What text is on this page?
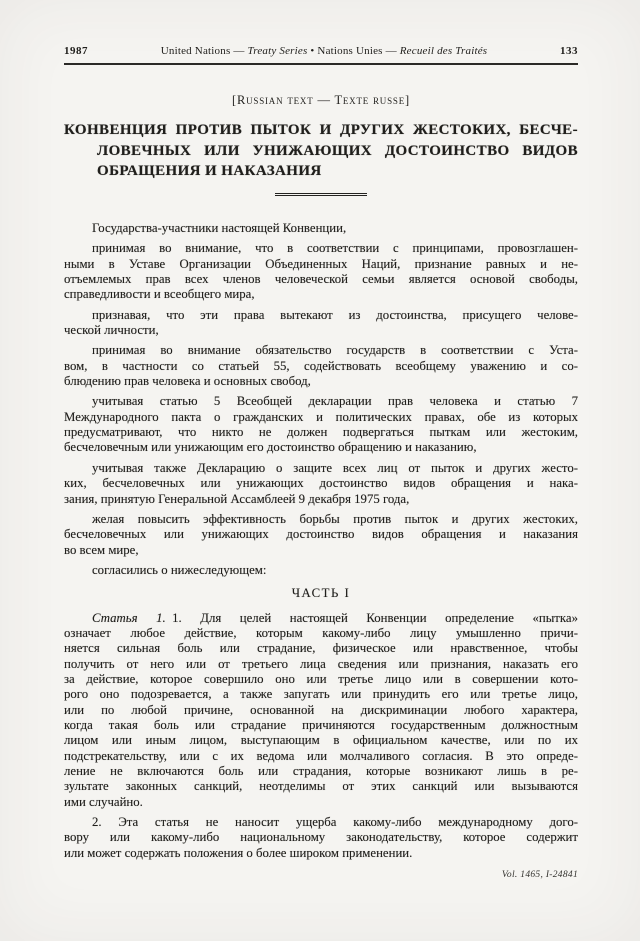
1987	United Nations — Treaty Series • Nations Unies — Recueil des Traités	133
[Russian text — Texte russe]
КОНВЕНЦИЯ ПРОТИВ ПЫТОК И ДРУГИХ ЖЕСТОКИХ, БЕСЧЕ-
ЛОВЕЧНЫХ ИЛИ УНИЖАЮЩИХ ДОСТОИНСТВО ВИДОВ
ОБРАЩЕНИЯ И НАКАЗАНИЯ
Государства-участники настоящей Конвенции,
принимая во внимание, что в соответствии с принципами, провозглашен-
ными в Уставе Организации Объединенных Наций, признание равных и не-
отъемлемых прав всех членов человеческой семьи является основой свободы,
справедливости и всеобщего мира,
признавая, что эти права вытекают из достоинства, присущего челове-
ческой личности,
принимая во внимание обязательство государств в соответствии с Уста-
вом, в частности со статьей 55, содействовать всеобщему уважению и со-
блюдению прав человека и основных свобод,
учитывая статью 5 Всеобщей декларации прав человека и статью 7
Международного пакта о гражданских и политических правах, обе из которых
предусматривают, что никто не должен подвергаться пыткам или жестоким,
бесчеловечным или унижающим его достоинство обращению и наказанию,
учитывая также Декларацию о защите всех лиц от пыток и других жесто-
ких, бесчеловечных или унижающих достоинство видов обращения и нака-
зания, принятую Генеральной Ассамблеей 9 декабря 1975 года,
желая повысить эффективность борьбы против пыток и других жестоких,
бесчеловечных или унижающих достоинство видов обращения и наказания
во всем мире,
согласились о нижеследующем:
ЧАСТЬ I
Статья 1. 1. Для целей настоящей Конвенции определение «пытка»
означает любое действие, которым какому-либо лицу умышленно причи-
няется сильная боль или страдание, физическое или нравственное, чтобы
получить от него или от третьего лица сведения или признания, наказать его
за действие, которое совершило оно или третье лицо или в совершении кото-
рого оно подозревается, а также запугать или принудить его или третье лицо,
или по любой причине, основанной на дискриминации любого характера,
когда такая боль или страдание причиняются государственным должностным
лицом или иным лицом, выступающим в официальном качестве, или по их
подстрекательству, или с их ведома или молчаливого согласия. В это опреде-
ление не включаются боль или страдания, которые возникают лишь в ре-
зультате законных санкций, неотделимы от этих санкций или вызываются
ими случайно.
2. Эта статья не наносит ущерба какому-либо международному дого-
вору или какому-либо национальному законодательству, которое содержит
или может содержать положения о более широком применении.
Vol. 1465, I-24841
